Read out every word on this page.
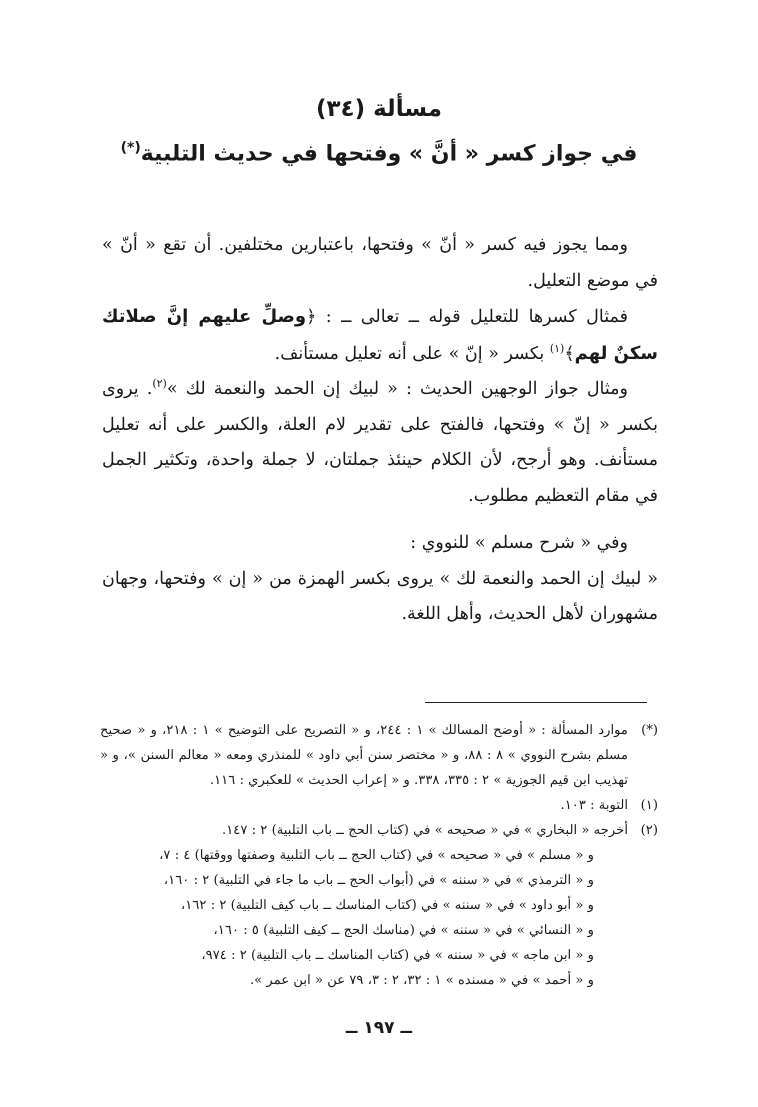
مسألة (٣٤)
في جواز كسر « أنَّ » وفتحها في حديث التلبية(*)

ومما يجوز فيه كسر « أنّ » وفتحها، باعتبارين مختلفين. أن تقع « أنّ » في موضع التعليل.

فمثال كسرها للتعليل قوله ــ تعالى ــ : ﴿وصلِّ عليهم إنَّ صلاتك سكنٌ لهم﴾$^{(١)}$ بكسر « إنّ » على أنه تعليل مستأنف.

ومثال جواز الوجهين الحديث : « لبيك إن الحمد والنعمة لك »$^{(٢)}$. يروى بكسر « إنّ » وفتحها، فالفتح على تقدير لام العلة، والكسر على أنه تعليل مستأنف. وهو أرجح، لأن الكلام حينئذ جملتان، لا جملة واحدة، وتكثير الجمل في مقام التعظيم مطلوب.

وفي « شرح مسلم » للنووي :

« لبيك إن الحمد والنعمة لك » يروى بكسر الهمزة من « إن » وفتحها، وجهان مشهوران لأهل الحديث، وأهل اللغة.

(*)
موارد المسألة : « أوضح المسالك » ١ : ٢٤٤، و « التصريح على التوضيح » ١ : ٢١٨، و « صحيح مسلم بشرح النووي » ٨ : ٨٨، و « مختصر سنن أبي داود » للمنذري ومعه « معالم السنن »، و « تهذيب ابن قيم الجوزية » ٢ : ٣٣٥، ٣٣٨. و « إعراب الحديث » للعكبري : ١١٦.
(١)
التوبة : ١٠٣.
(٢)
أخرجه « البخاري » في « صحيحه » في (كتاب الحج ــ باب التلبية) ٢ : ١٤٧.

و « مسلم » في « صحيحه » في (كتاب الحج ــ باب التلبية وصفتها ووقتها) ٤ : ٧،

و « الترمذي » في « سننه » في (أبواب الحج ــ باب ما جاء في التلبية) ٢ : ١٦٠،

و « أبو داود » في « سننه » في (كتاب المناسك ــ باب كيف التلبية) ٢ : ١٦٢،

و « النسائي » في « سننه » في (مناسك الحج ــ كيف التلبية) ٥ : ١٦٠،

و « ابن ماجه » في « سننه » في (كتاب المناسك ــ باب التلبية) ٢ : ٩٧٤،

و « أحمد » في « مسنده » ١ : ٣٢، ٢ : ٣، ٧٩ عن « ابن عمر ».

ــ ١٩٧ ــ
